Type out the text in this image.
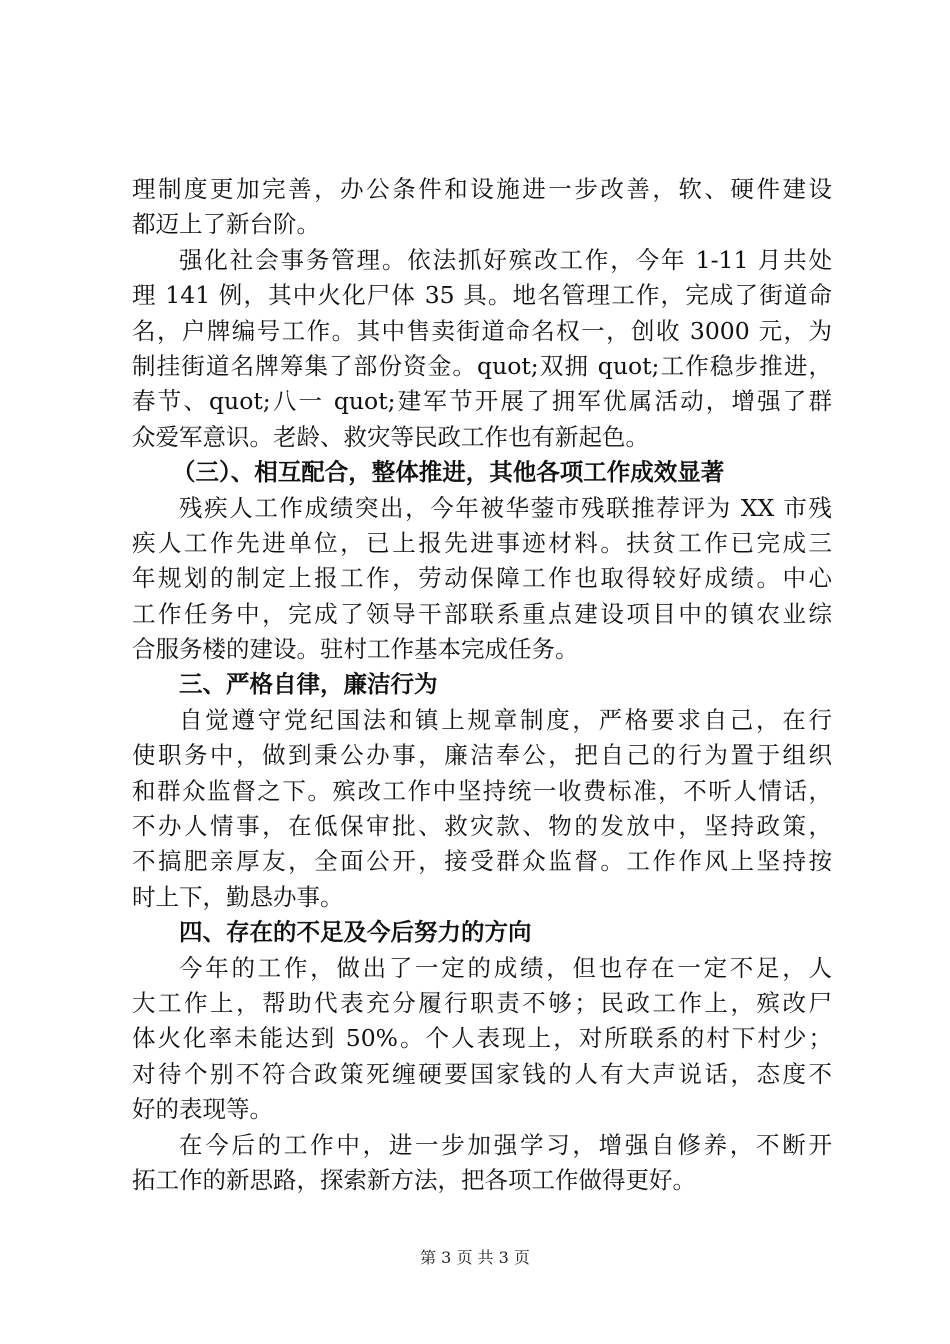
理制度更加完善，办公条件和设施进一步改善，软、硬件建设
都迈上了新台阶。
强化社会事务管理。依法抓好殡改工作，今年 1-11 月共处
理 141 例，其中火化尸体 35 具。地名管理工作，完成了街道命
名，户牌编号工作。其中售卖街道命名权一，创收 3000 元，为
制挂街道名牌筹集了部份资金。quot;双拥 quot;工作稳步推进，
春节、quot;八一 quot;建军节开展了拥军优属活动，增强了群
众爱军意识。老龄、救灾等民政工作也有新起色。
（三）、相互配合，整体推进，其他各项工作成效显著
残疾人工作成绩突出，今年被华蓥市残联推荐评为 XX 市残
疾人工作先进单位，已上报先进事迹材料。扶贫工作已完成三
年规划的制定上报工作，劳动保障工作也取得较好成绩。中心
工作任务中，完成了领导干部联系重点建设项目中的镇农业综
合服务楼的建设。驻村工作基本完成任务。
三、严格自律，廉洁行为
自觉遵守党纪国法和镇上规章制度，严格要求自己，在行
使职务中，做到秉公办事，廉洁奉公，把自己的行为置于组织
和群众监督之下。殡改工作中坚持统一收费标准，不听人情话，
不办人情事，在低保审批、救灾款、物的发放中，坚持政策，
不搞肥亲厚友，全面公开，接受群众监督。工作作风上坚持按
时上下，勤恳办事。
四、存在的不足及今后努力的方向
今年的工作，做出了一定的成绩，但也存在一定不足，人
大工作上，帮助代表充分履行职责不够；民政工作上，殡改尸
体火化率未能达到 50%。个人表现上，对所联系的村下村少；
对待个别不符合政策死缠硬要国家钱的人有大声说话，态度不
好的表现等。
在今后的工作中，进一步加强学习，增强自修养，不断开
拓工作的新思路，探索新方法，把各项工作做得更好。
第 3 页 共 3 页
